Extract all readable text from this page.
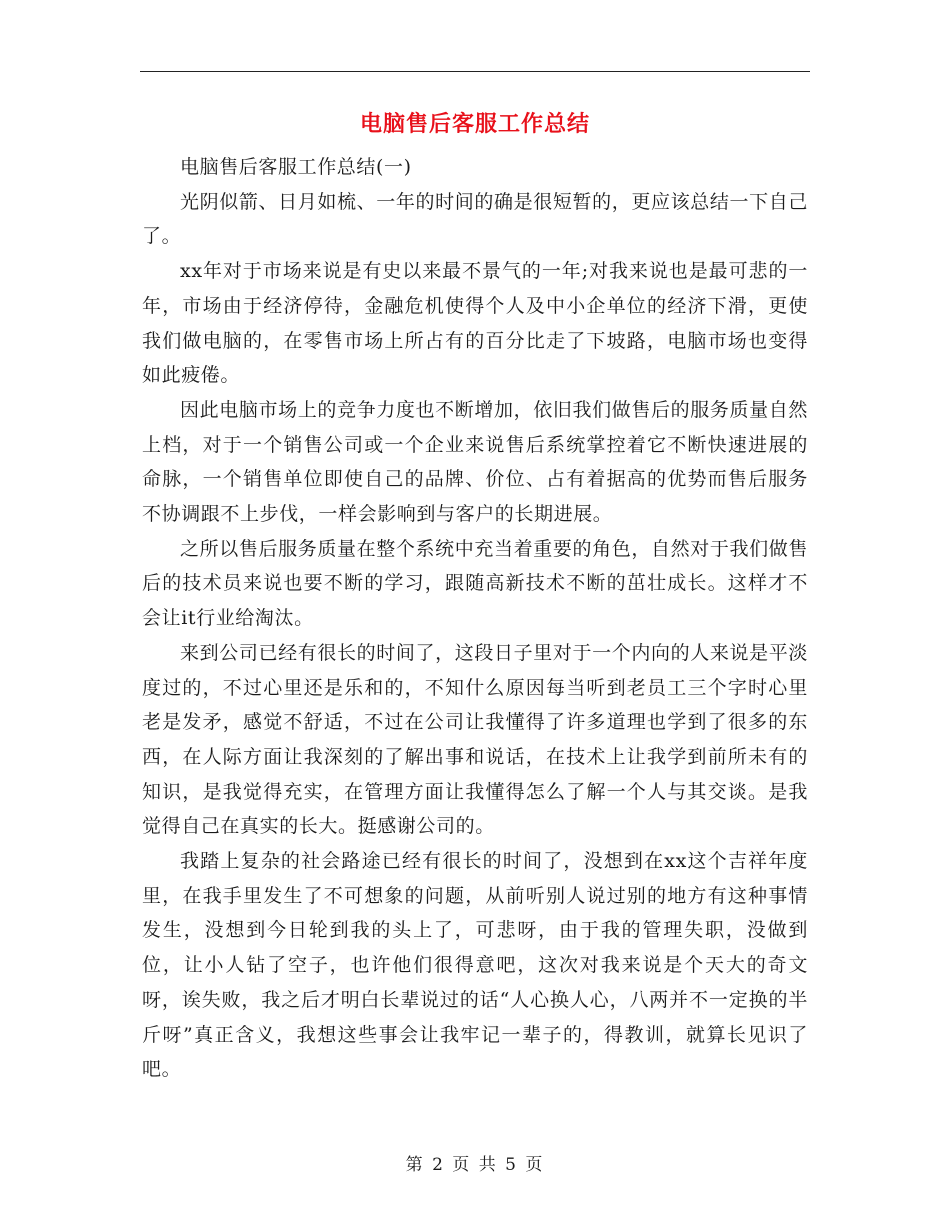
电脑售后客服工作总结

电脑售后客服工作总结(一)

光阴似箭、日月如梳、一年的时间的确是很短暂的，更应该总结一下自己了。

xx年对于市场来说是有史以来最不景气的一年;对我来说也是最可悲的一年，市场由于经济停待，金融危机使得个人及中小企单位的经济下滑，更使我们做电脑的，在零售市场上所占有的百分比走了下坡路，电脑市场也变得如此疲倦。

因此电脑市场上的竞争力度也不断增加，依旧我们做售后的服务质量自然上档，对于一个销售公司或一个企业来说售后系统掌控着它不断快速进展的命脉，一个销售单位即使自己的品牌、价位、占有着据高的优势而售后服务不协调跟不上步伐，一样会影响到与客户的长期进展。

之所以售后服务质量在整个系统中充当着重要的角色，自然对于我们做售后的技术员来说也要不断的学习，跟随高新技术不断的茁壮成长。这样才不会让it行业给淘汰。

来到公司已经有很长的时间了，这段日子里对于一个内向的人来说是平淡度过的，不过心里还是乐和的，不知什么原因每当听到老员工三个字时心里老是发矛，感觉不舒适，不过在公司让我懂得了许多道理也学到了很多的东西，在人际方面让我深刻的了解出事和说话，在技术上让我学到前所未有的知识，是我觉得充实，在管理方面让我懂得怎么了解一个人与其交谈。是我觉得自己在真实的长大。挺感谢公司的。

我踏上复杂的社会路途已经有很长的时间了，没想到在xx这个吉祥年度里，在我手里发生了不可想象的问题，从前听别人说过别的地方有这种事情发生，没想到今日轮到我的头上了，可悲呀，由于我的管理失职，没做到位，让小人钻了空子，也许他们很得意吧，这次对我来说是个天大的奇文呀，诶失败，我之后才明白长辈说过的话“人心换人心，八两并不一定换的半斤呀”真正含义，我想这些事会让我牢记一辈子的，得教训，就算长见识了吧。

第 2 页 共 5 页
